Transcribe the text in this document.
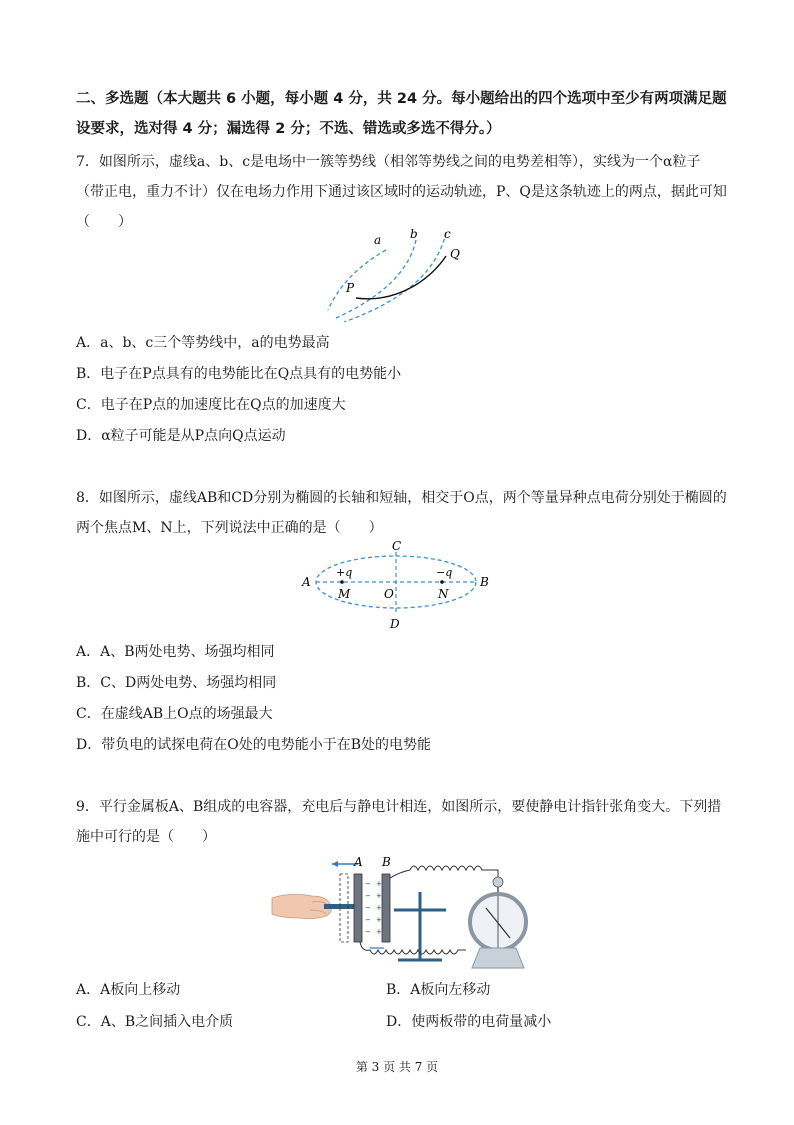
二、多选题（本大题共 6 小题，每小题 4 分，共 24 分。每小题给出的四个选项中至少有两项满足题设要求，选对得 4 分；漏选得 2 分；不选、错选或多选不得分。）
7．如图所示，虚线a、b、c是电场中一簇等势线（相邻等势线之间的电势差相等），实线为一个α粒子（带正电，重力不计）仅在电场力作用下通过该区域时的运动轨迹，P、Q是这条轨迹上的两点，据此可知（　　）
a b c
Q
P
A．a、b、c三个等势线中，a的电势最高
B．电子在P点具有的电势能比在Q点具有的电势能小
C．电子在P点的加速度比在Q点的加速度大
D．α粒子可能是从P点向Q点运动
8．如图所示，虚线AB和CD分别为椭圆的长轴和短轴，相交于O点，两个等量异种点电荷分别处于椭圆的两个焦点M、N上，下列说法中正确的是（　　）
C
D
A	B
+q	−q
M	O	N
A．A、B两处电势、场强均相同
B．C、D两处电势、场强均相同
C．在虚线AB上O点的场强最大
D．带负电的试探电荷在O处的电势能小于在B处的电势能
9．平行金属板A、B组成的电容器，充电后与静电计相连，如图所示，要使静电计指针张角变大。下列措施中可行的是（　　）
−
−
−
−
−
+
+
+
+
+
A B
A．A板向上移动	B．A板向左移动
C．A、B之间插入电介质	D．使两板带的电荷量减小
第 3 页 共 7 页
